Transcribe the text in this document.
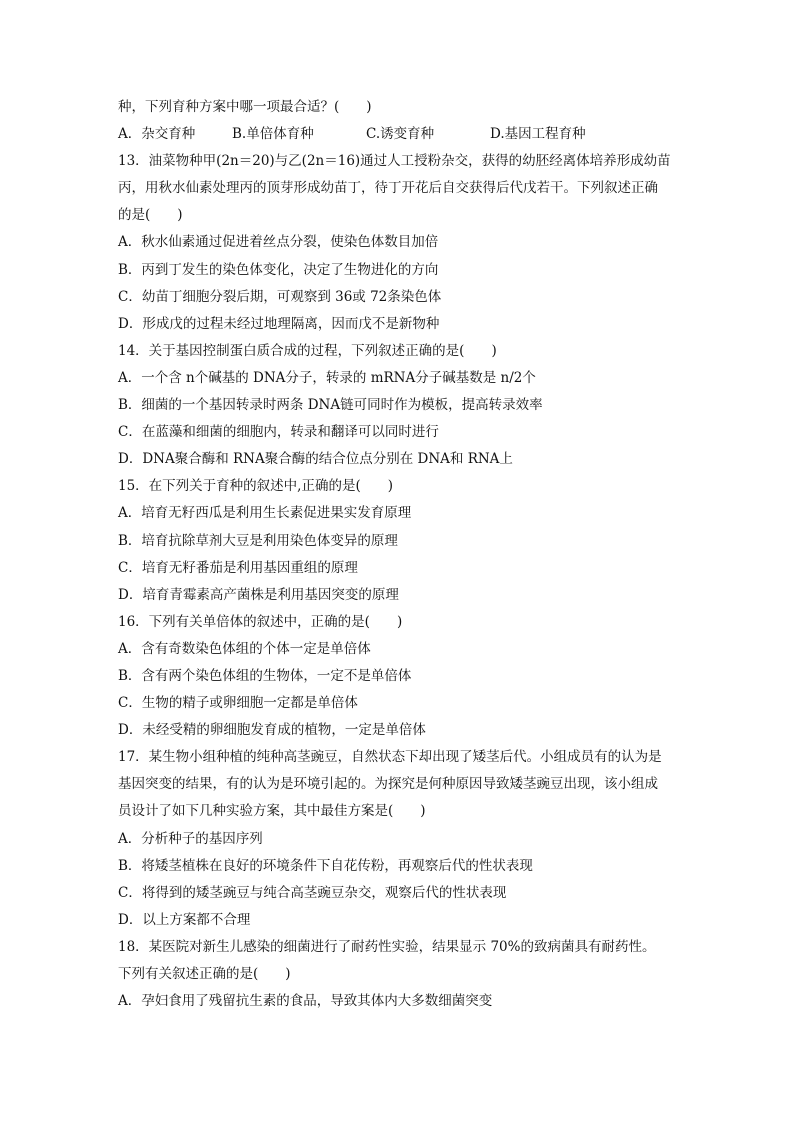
种，下列育种方案中哪一项最合适？(　　)
A．杂交育种	B.单倍体育种	C.诱变育种	D.基因工程育种
13．油菜物种甲(2n＝20)与乙(2n＝16)通过人工授粉杂交，获得的幼胚经离体培养形成幼苗
丙，用秋水仙素处理丙的顶芽形成幼苗丁，待丁开花后自交获得后代戊若干。下列叙述正确
的是(　　)
A．秋水仙素通过促进着丝点分裂，使染色体数目加倍
B．丙到丁发生的染色体变化，决定了生物进化的方向
C．幼苗丁细胞分裂后期，可观察到 36或 72条染色体
D．形成戊的过程未经过地理隔离，因而戊不是新物种
14．关于基因控制蛋白质合成的过程，下列叙述正确的是(　　)
A．一个含 n个碱基的 DNA分子，转录的 mRNA分子碱基数是 n/2个
B．细菌的一个基因转录时两条 DNA链可同时作为模板，提高转录效率
C．在蓝藻和细菌的细胞内，转录和翻译可以同时进行
D．DNA聚合酶和 RNA聚合酶的结合位点分别在 DNA和 RNA上
15．在下列关于育种的叙述中,正确的是(　　)
A．培育无籽西瓜是利用生长素促进果实发育原理
B．培育抗除草剂大豆是利用染色体变异的原理
C．培育无籽番茄是利用基因重组的原理
D．培育青霉素高产菌株是利用基因突变的原理
16．下列有关单倍体的叙述中，正确的是(　　)
A．含有奇数染色体组的个体一定是单倍体
B．含有两个染色体组的生物体，一定不是单倍体
C．生物的精子或卵细胞一定都是单倍体
D．未经受精的卵细胞发育成的植物，一定是单倍体
17．某生物小组种植的纯种高茎豌豆，自然状态下却出现了矮茎后代。小组成员有的认为是
基因突变的结果，有的认为是环境引起的。为探究是何种原因导致矮茎豌豆出现，该小组成
员设计了如下几种实验方案，其中最佳方案是(　　)
A．分析种子的基因序列
B．将矮茎植株在良好的环境条件下自花传粉，再观察后代的性状表现
C．将得到的矮茎豌豆与纯合高茎豌豆杂交，观察后代的性状表现
D．以上方案都不合理
18．某医院对新生儿感染的细菌进行了耐药性实验，结果显示 70%的致病菌具有耐药性。
下列有关叙述正确的是(　　)
A．孕妇食用了残留抗生素的食品，导致其体内大多数细菌突变
